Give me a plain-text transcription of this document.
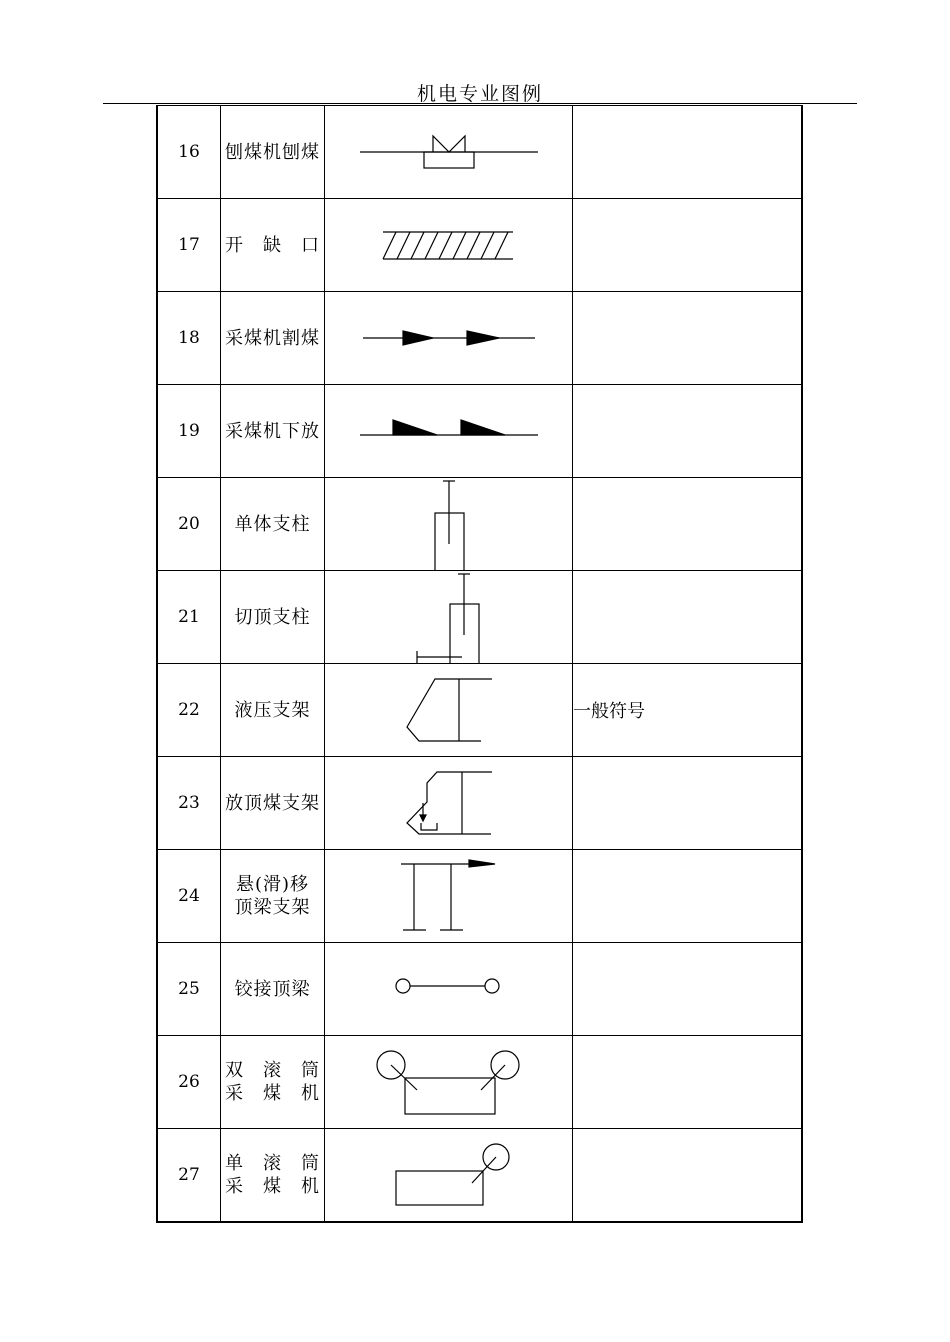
机电专业图例
16	刨煤机刨煤	

17	开　缺　口	

18	采煤机割煤	

19	采煤机下放	

20	单体支柱	

21	切顶支柱	

22	液压支架		一般符号
23	放顶煤支架	

24	悬(滑)移
顶梁支架

25	铰接顶梁	

26	双　滚　筒
采　煤　机

27	单　滚　筒
采　煤　机
